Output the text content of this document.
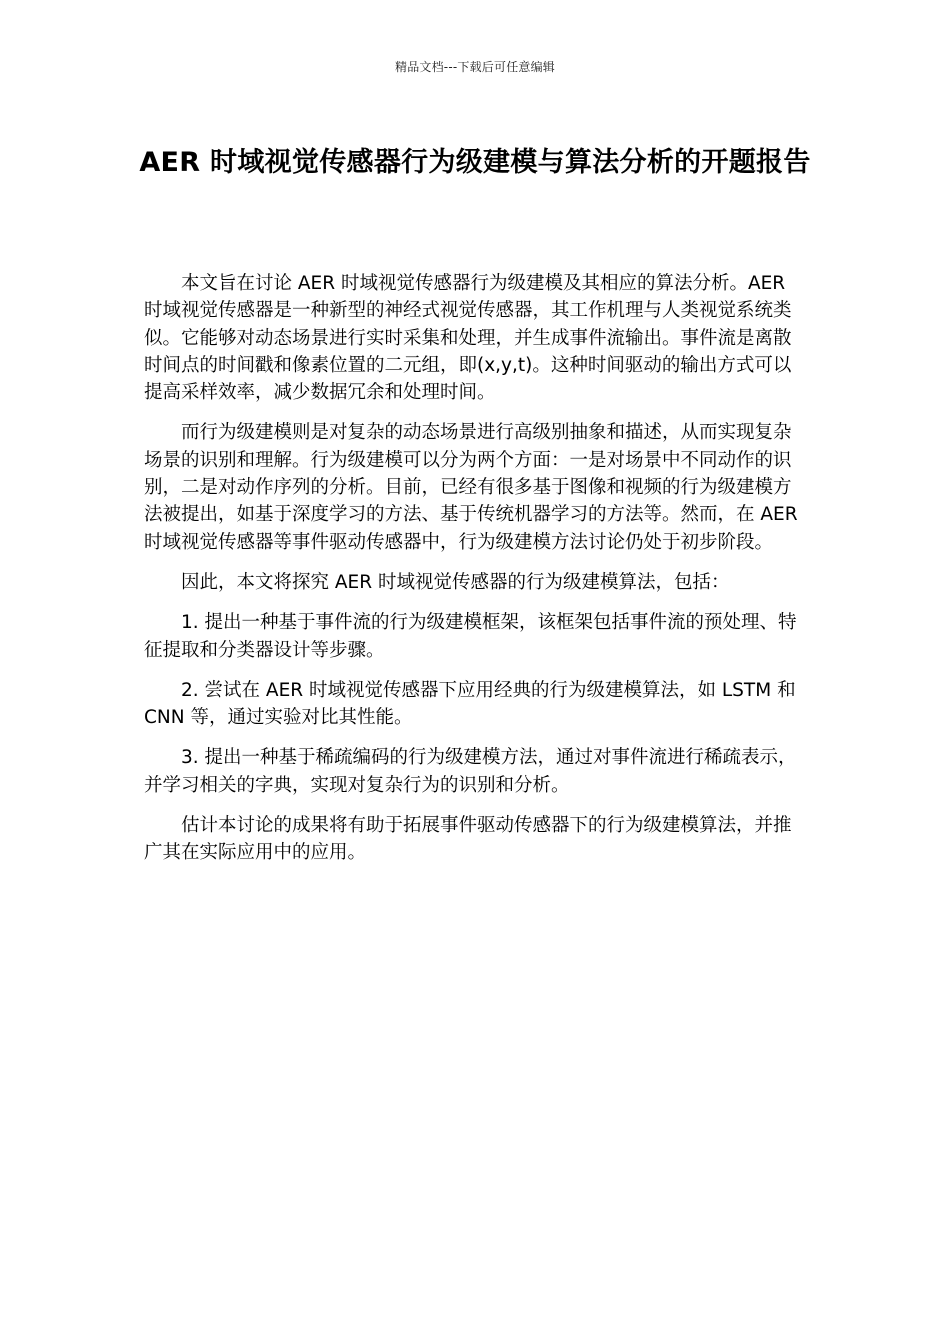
精品文档---下载后可任意编辑
AER 时域视觉传感器行为级建模与算法分析的开题报告

本文旨在讨论 AER 时域视觉传感器行为级建模及其相应的算法分析。AER 时域视觉传感器是一种新型的神经式视觉传感器，其工作机理与人类视觉系统类似。它能够对动态场景进行实时采集和处理，并生成事件流输出。事件流是离散时间点的时间戳和像素位置的二元组，即(x,y,t)。这种时间驱动的输出方式可以提高采样效率，减少数据冗余和处理时间。

而行为级建模则是对复杂的动态场景进行高级别抽象和描述，从而实现复杂场景的识别和理解。行为级建模可以分为两个方面：一是对场景中不同动作的识别，二是对动作序列的分析。目前，已经有很多基于图像和视频的行为级建模方法被提出，如基于深度学习的方法、基于传统机器学习的方法等。然而，在 AER 时域视觉传感器等事件驱动传感器中，行为级建模方法讨论仍处于初步阶段。

因此，本文将探究 AER 时域视觉传感器的行为级建模算法，包括：

1. 提出一种基于事件流的行为级建模框架，该框架包括事件流的预处理、特征提取和分类器设计等步骤。

2. 尝试在 AER 时域视觉传感器下应用经典的行为级建模算法，如 LSTM 和 CNN 等，通过实验对比其性能。

3. 提出一种基于稀疏编码的行为级建模方法，通过对事件流进行稀疏表示，并学习相关的字典，实现对复杂行为的识别和分析。

估计本讨论的成果将有助于拓展事件驱动传感器下的行为级建模算法，并推广其在实际应用中的应用。
